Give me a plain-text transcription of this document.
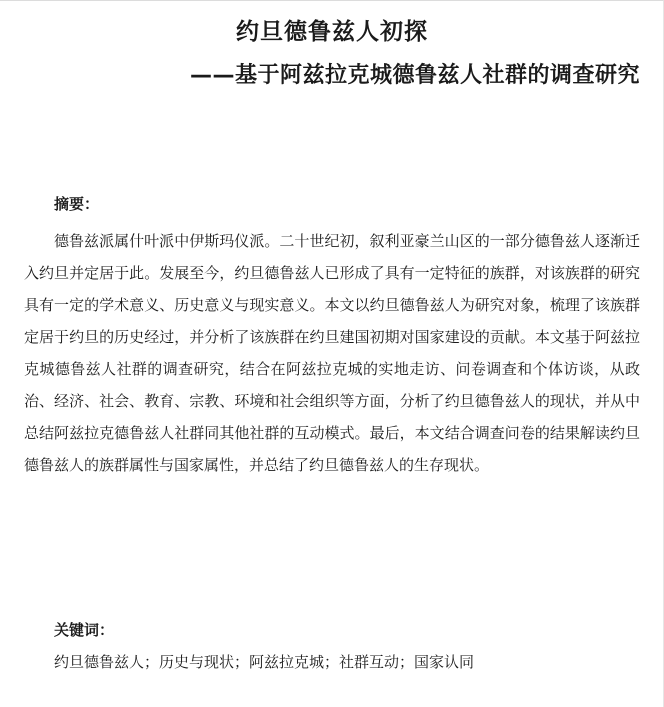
约旦德鲁兹人初探
——基于阿兹拉克城德鲁兹人社群的调查研究
摘要：
德鲁兹派属什叶派中伊斯玛仪派。二十世纪初，叙利亚豪兰山区的一部分德鲁兹人逐渐迁入约旦并定居于此。发展至今，约旦德鲁兹人已形成了具有一定特征的族群，对该族群的研究具有一定的学术意义、历史意义与现实意义。本文以约旦德鲁兹人为研究对象，梳理了该族群定居于约旦的历史经过，并分析了该族群在约旦建国初期对国家建设的贡献。本文基于阿兹拉克城德鲁兹人社群的调查研究，结合在阿兹拉克城的实地走访、问卷调查和个体访谈，从政治、经济、社会、教育、宗教、环境和社会组织等方面，分析了约旦德鲁兹人的现状，并从中总结阿兹拉克德鲁兹人社群同其他社群的互动模式。最后，本文结合调查问卷的结果解读约旦德鲁兹人的族群属性与国家属性，并总结了约旦德鲁兹人的生存现状。
关键词：
约旦德鲁兹人；历史与现状；阿兹拉克城；社群互动；国家认同
